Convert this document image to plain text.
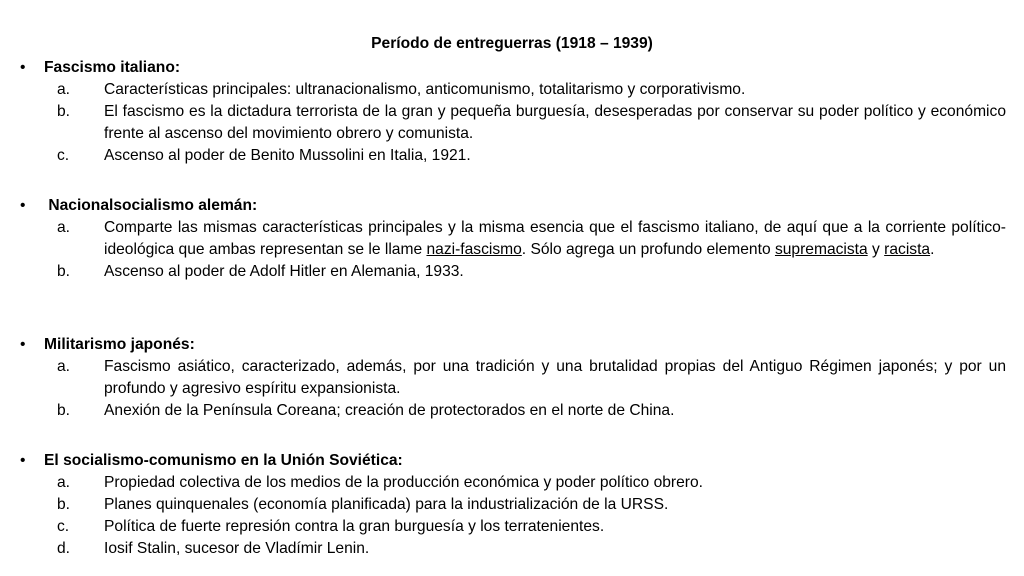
Período de entreguerras (1918 – 1939)
•	Fascismo italiano:
a.	Características principales: ultranacionalismo, anticomunismo, totalitarismo y corporativismo.
b.	El fascismo es la dictadura terrorista de la gran y pequeña burguesía, desesperadas por conservar su poder político y económico frente al ascenso del movimiento obrero y comunista.
c.	Ascenso al poder de Benito Mussolini en Italia, 1921.
•	Nacionalsocialismo alemán:
a.	Comparte las mismas características principales y la misma esencia que el fascismo italiano, de aquí que a la corriente político-ideológica que ambas representan se le llame nazi-fascismo. Sólo agrega un profundo elemento supremacista y racista.
b.	Ascenso al poder de Adolf Hitler en Alemania, 1933.
•	Militarismo japonés:
a.	Fascismo asiático, caracterizado, además, por una tradición y una brutalidad propias del Antiguo Régimen japonés; y por un profundo y agresivo espíritu expansionista.
b.	Anexión de la Península Coreana; creación de protectorados en el norte de China.
•	El socialismo-comunismo en la Unión Soviética:
a.	Propiedad colectiva de los medios de la producción económica y poder político obrero.
b.	Planes quinquenales (economía planificada) para la industrialización de la URSS.
c.	Política de fuerte represión contra la gran burguesía y los terratenientes.
d.	Iosif Stalin, sucesor de Vladímir Lenin.
